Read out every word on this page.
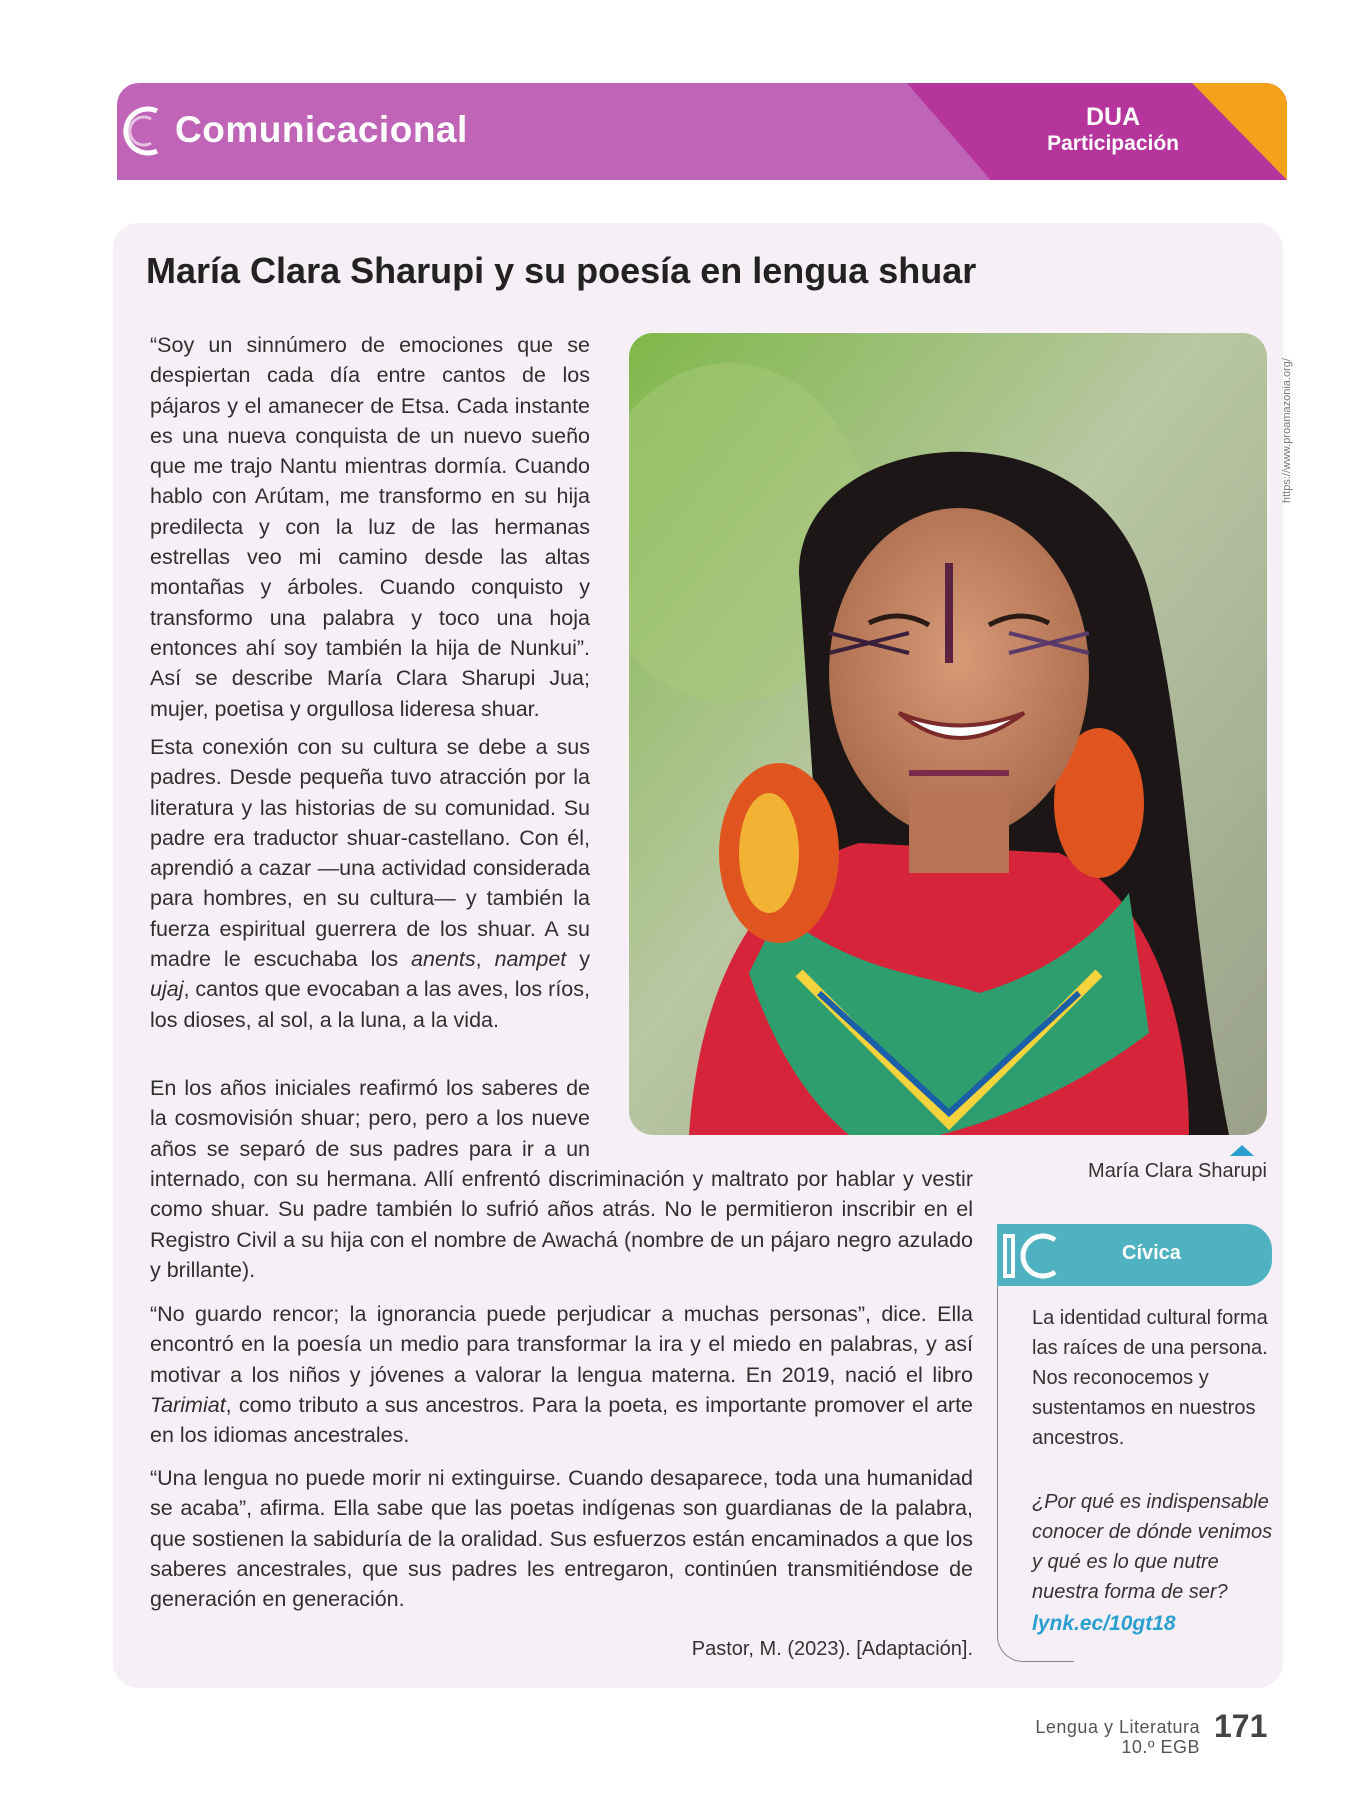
Comunicacional	DUA
Participación
María Clara Sharupi y su poesía en lengua shuar

“Soy un sinnúmero de emociones que se despiertan cada día entre cantos de los pájaros y el amanecer de Etsa. Cada instante es una nueva conquista de un nuevo sueño que me trajo Nantu mientras dormía. Cuando hablo con Arútam, me transformo en su hija predilecta y con la luz de las hermanas estrellas veo mi camino desde las altas montañas y árboles. Cuando conquisto y transformo una palabra y toco una hoja entonces ahí soy también la hija de Nunkui”. Así se describe María Clara Sharupi Jua; mujer, poetisa y orgullosa lideresa shuar.

Esta conexión con su cultura se debe a sus padres. Desde pequeña tuvo atracción por la literatura y las historias de su comunidad. Su padre era traductor shuar-castellano. Con él, aprendió a cazar —una actividad considerada para hombres, en su cultura— y también la fuerza espiritual guerrera de los shuar. A su madre le escuchaba los anents, nampet y ujaj, cantos que evocaban a las aves, los ríos, los dioses, al sol, a la luna, a la vida.

En los años iniciales reafirmó los saberes de la cosmovisión shuar; pero, pero a los nueve años se separó de sus padres para ir a un

internado, con su hermana. Allí enfrentó discriminación y maltrato por hablar y vestir como shuar. Su padre también lo sufrió años atrás. No le permitieron inscribir en el Registro Civil a su hija con el nombre de Awachá (nombre de un pájaro negro azulado y brillante).

“No guardo rencor; la ignorancia puede perjudicar a muchas personas”, dice. Ella encontró en la poesía un medio para transformar la ira y el miedo en palabras, y así motivar a los niños y jóvenes a valorar la lengua materna. En 2019, nació el libro Tarimiat, como tributo a sus ancestros. Para la poeta, es importante promover el arte en los idiomas ancestrales.

“Una lengua no puede morir ni extinguirse. Cuando desaparece, toda una humanidad se acaba”, afirma. Ella sabe que las poetas indígenas son guardianas de la palabra, que sostienen la sabiduría de la oralidad. Sus esfuerzos están encaminados a que los saberes ancestrales, que sus padres les entregaron, continúen transmitiéndose de generación en generación.

Pastor, M. (2023). [Adaptación].

https://www.proamazonia.org/

María Clara Sharupi

Cívica

La identidad cultural forma las raíces de una persona. Nos reconocemos y sustentamos en nuestros ancestros.

¿Por qué es indispensable conocer de dónde venimos y qué es lo que nutre nuestra forma de ser?

lynk.ec/10gt18

Lengua y Literatura
10.º EGB
171
